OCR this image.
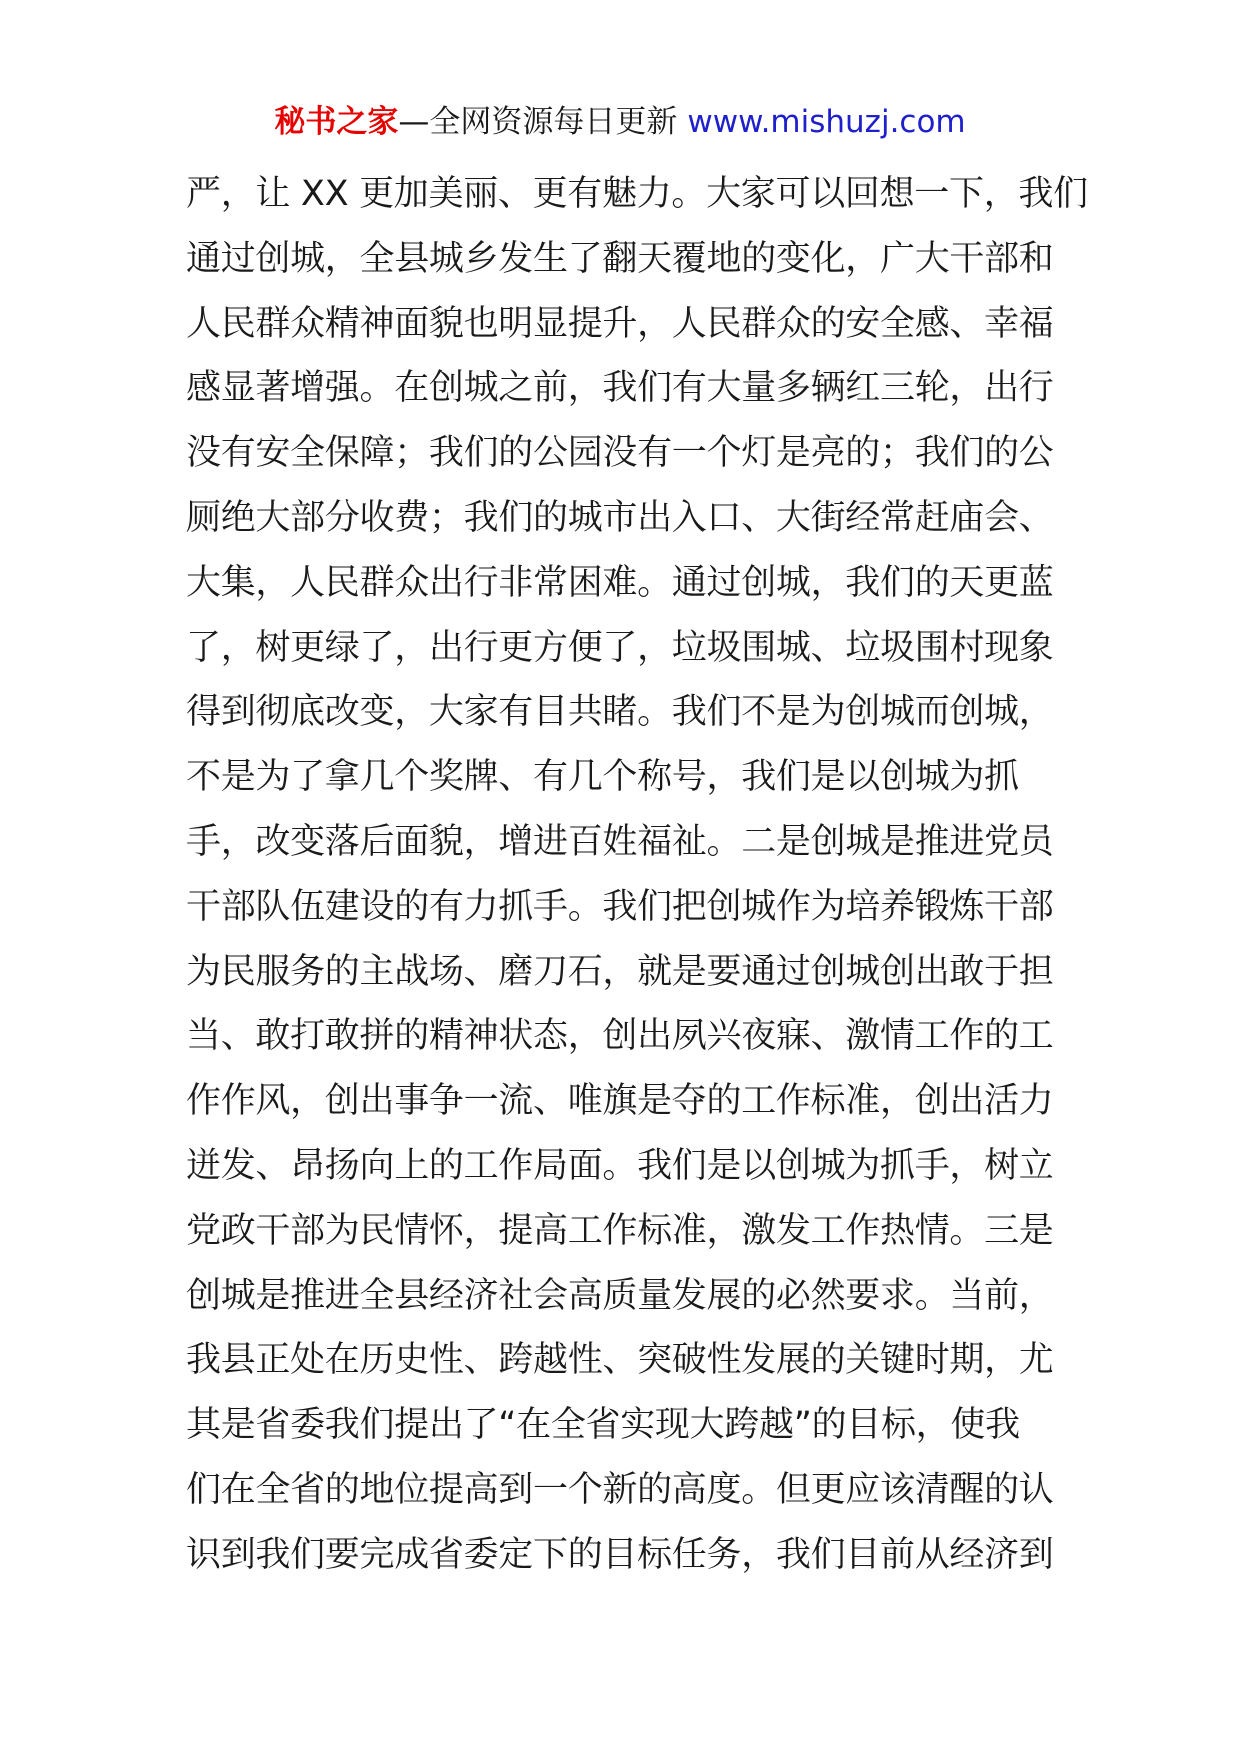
秘书之家—全网资源每日更新 www.mishuzj.com
严，让 XX 更加美丽、更有魅力。大家可以回想一下，我们
通过创城，全县城乡发生了翻天覆地的变化，广大干部和
人民群众精神面貌也明显提升，人民群众的安全感、幸福
感显著增强。在创城之前，我们有大量多辆红三轮，出行
没有安全保障；我们的公园没有一个灯是亮的；我们的公
厕绝大部分收费；我们的城市出入口、大街经常赶庙会、
大集，人民群众出行非常困难。通过创城，我们的天更蓝
了，树更绿了，出行更方便了，垃圾围城、垃圾围村现象
得到彻底改变，大家有目共睹。我们不是为创城而创城，
不是为了拿几个奖牌、有几个称号，我们是以创城为抓
手，改变落后面貌，增进百姓福祉。二是创城是推进党员
干部队伍建设的有力抓手。我们把创城作为培养锻炼干部
为民服务的主战场、磨刀石，就是要通过创城创出敢于担
当、敢打敢拼的精神状态，创出夙兴夜寐、激情工作的工
作作风，创出事争一流、唯旗是夺的工作标准，创出活力
迸发、昂扬向上的工作局面。我们是以创城为抓手，树立
党政干部为民情怀，提高工作标准，激发工作热情。三是
创城是推进全县经济社会高质量发展的必然要求。当前，
我县正处在历史性、跨越性、突破性发展的关键时期，尤
其是省委我们提出了“在全省实现大跨越”的目标，使我
们在全省的地位提高到一个新的高度。但更应该清醒的认
识到我们要完成省委定下的目标任务，我们目前从经济到
